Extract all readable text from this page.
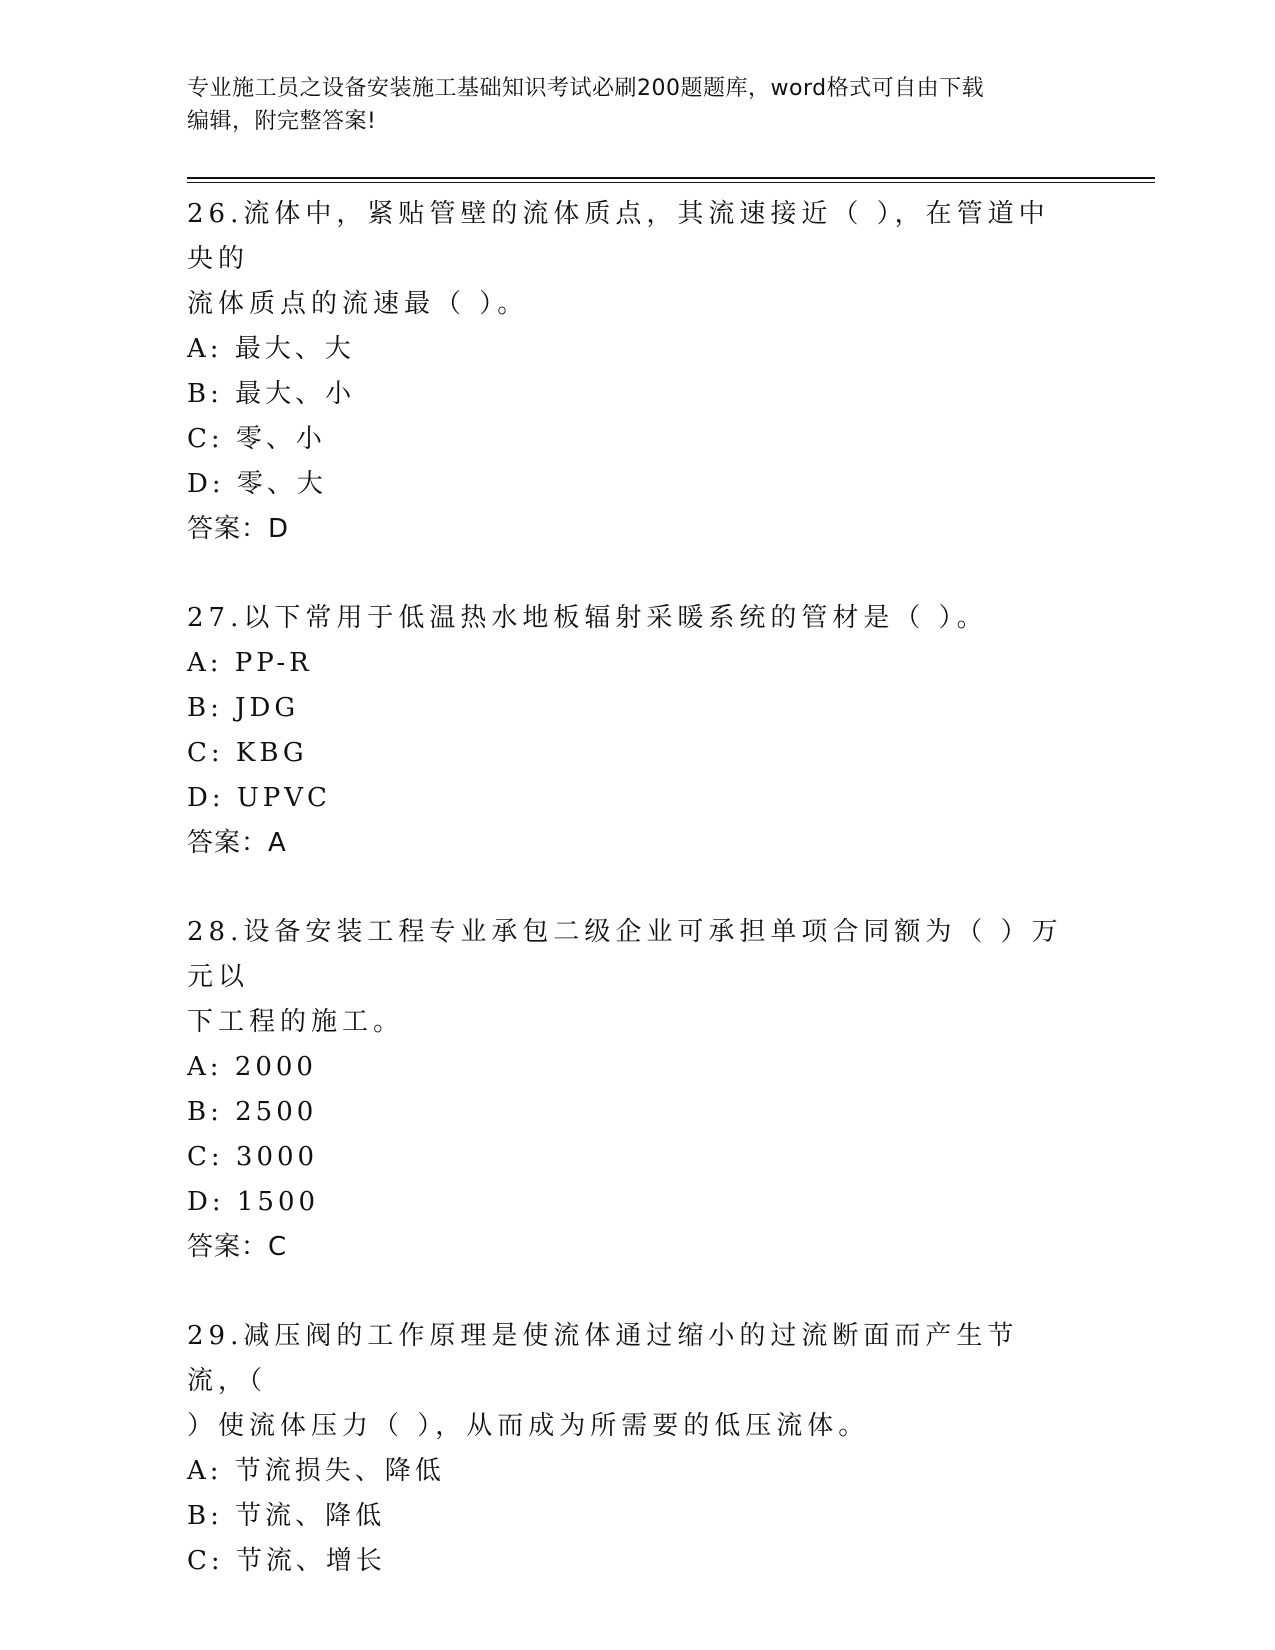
专业施工员之设备安装施工基础知识考试必刷200题题库，word格式可自由下载
编辑，附完整答案!
26.流体中，紧贴管壁的流体质点，其流速接近（ ），在管道中央的
流体质点的流速最（ ）。
A: 最大、大
B: 最大、小
C: 零、小
D: 零、大
答案：D
27.以下常用于低温热水地板辐射采暖系统的管材是（ ）。
A: PP-R
B: JDG
C: KBG
D: UPVC
答案：A
28.设备安装工程专业承包二级企业可承担单项合同额为（ ）万元以
下工程的施工。
A: 2000
B: 2500
C: 3000
D: 1500
答案：C
29.减压阀的工作原理是使流体通过缩小的过流断面而产生节流，（
）使流体压力（ ），从而成为所需要的低压流体。
A: 节流损失、降低
B: 节流、降低
C: 节流、增长
